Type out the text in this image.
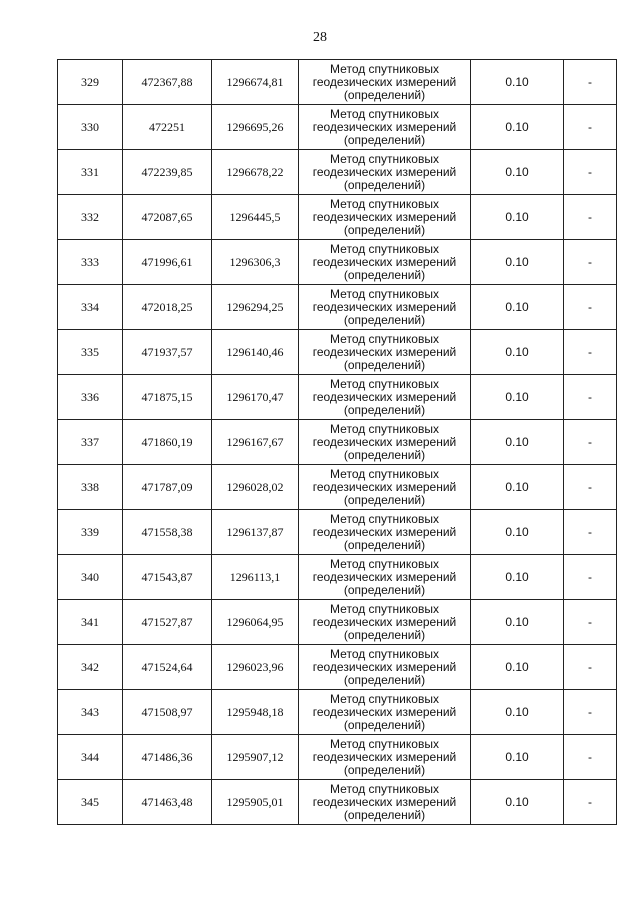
28
329	472367,88	1296674,81	Метод спутниковых
геодезических измерений
(определений)	0.10	-
330	472251	1296695,26	Метод спутниковых
геодезических измерений
(определений)	0.10	-
331	472239,85	1296678,22	Метод спутниковых
геодезических измерений
(определений)	0.10	-
332	472087,65	1296445,5	Метод спутниковых
геодезических измерений
(определений)	0.10	-
333	471996,61	1296306,3	Метод спутниковых
геодезических измерений
(определений)	0.10	-
334	472018,25	1296294,25	Метод спутниковых
геодезических измерений
(определений)	0.10	-
335	471937,57	1296140,46	Метод спутниковых
геодезических измерений
(определений)	0.10	-
336	471875,15	1296170,47	Метод спутниковых
геодезических измерений
(определений)	0.10	-
337	471860,19	1296167,67	Метод спутниковых
геодезических измерений
(определений)	0.10	-
338	471787,09	1296028,02	Метод спутниковых
геодезических измерений
(определений)	0.10	-
339	471558,38	1296137,87	Метод спутниковых
геодезических измерений
(определений)	0.10	-
340	471543,87	1296113,1	Метод спутниковых
геодезических измерений
(определений)	0.10	-
341	471527,87	1296064,95	Метод спутниковых
геодезических измерений
(определений)	0.10	-
342	471524,64	1296023,96	Метод спутниковых
геодезических измерений
(определений)	0.10	-
343	471508,97	1295948,18	Метод спутниковых
геодезических измерений
(определений)	0.10	-
344	471486,36	1295907,12	Метод спутниковых
геодезических измерений
(определений)	0.10	-
345	471463,48	1295905,01	Метод спутниковых
геодезических измерений
(определений)	0.10	-
